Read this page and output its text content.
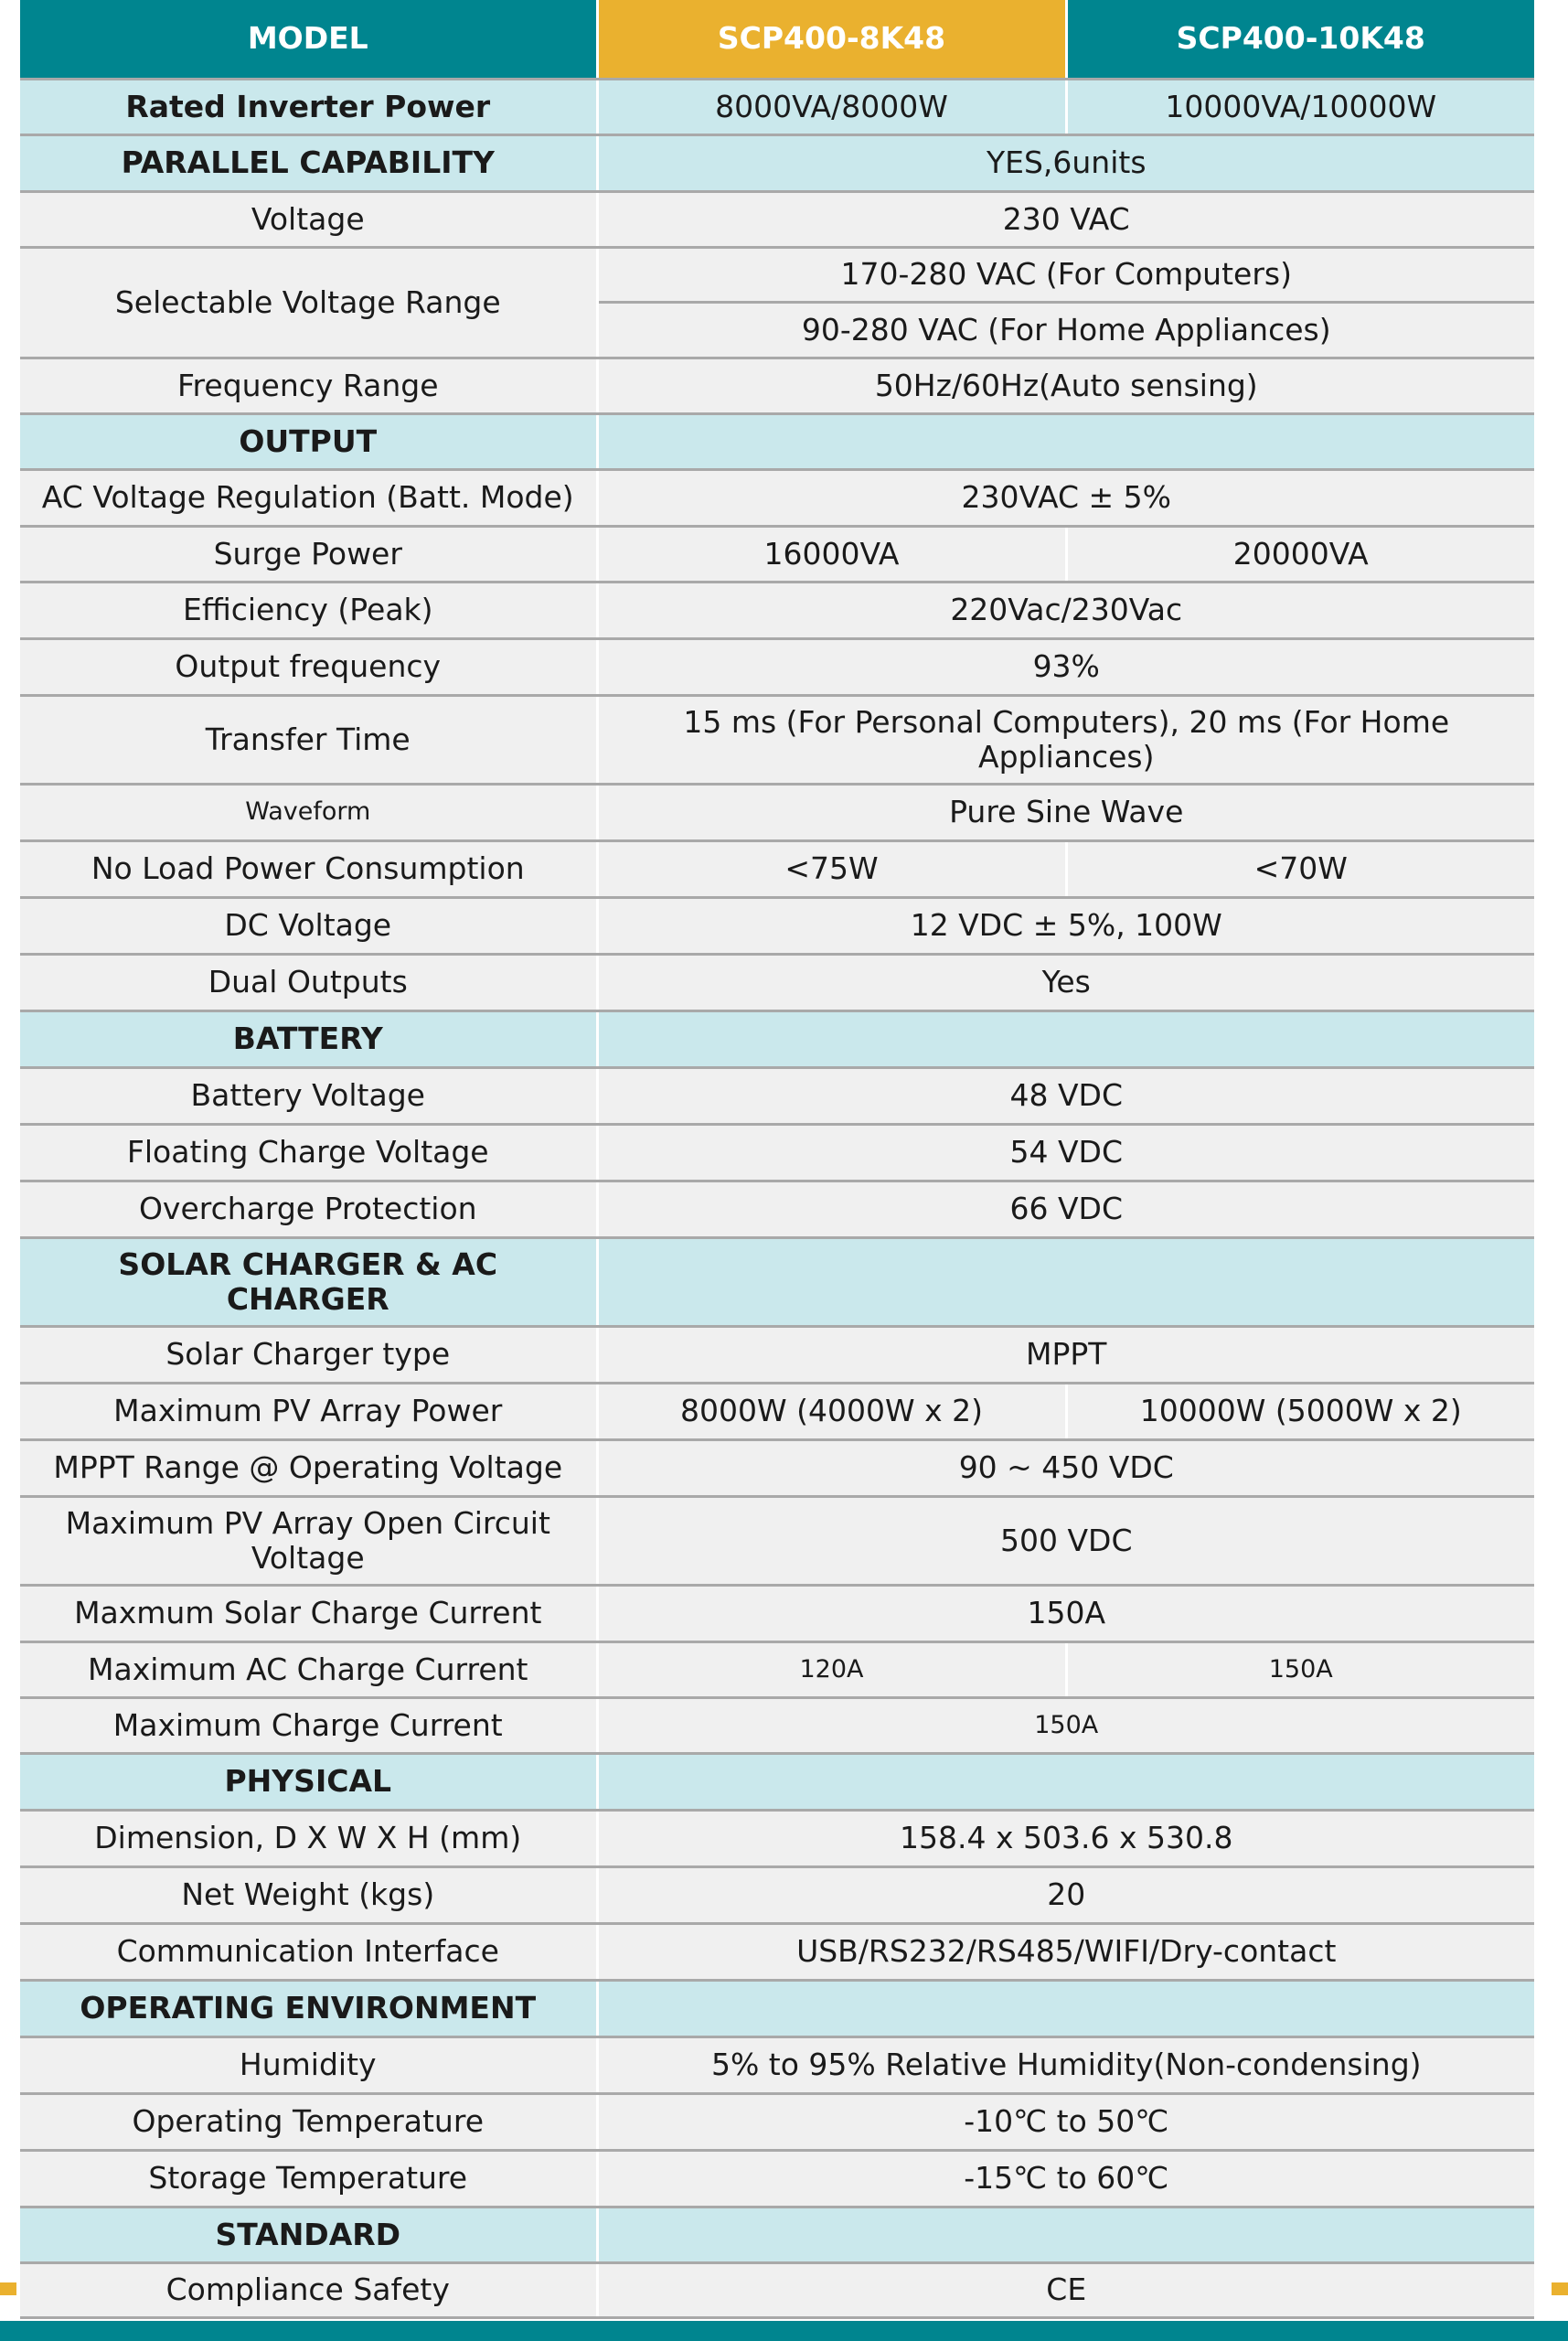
MODEL	SCP400-8K48	SCP400-10K48
Rated Inverter Power	8000VA/8000W	10000VA/10000W
PARALLEL CAPABILITY	YES,6units	
Voltage	230 VAC	
Selectable Voltage Range	170-280 VAC (For Computers)	
	90-280 VAC (For Home Appliances)	
Frequency Range	50Hz/60Hz(Auto sensing)	
OUTPUT		
AC Voltage Regulation (Batt. Mode)	230VAC ± 5%	
Surge Power	16000VA	20000VA
Efficiency (Peak)	220Vac/230Vac	
Output frequency	93%	
Transfer Time	15 ms (For Personal Computers), 20 ms (For Home Appliances)	
Waveform	Pure Sine Wave	
No Load Power Consumption	<75W	<70W
DC Voltage	12 VDC ± 5%, 100W	
Dual Outputs	Yes	
BATTERY		
Battery Voltage	48 VDC	
Floating Charge Voltage	54 VDC	
Overcharge Protection	66 VDC	
SOLAR CHARGER & AC CHARGER		
Solar Charger type	MPPT	
Maximum PV Array Power	8000W (4000W x 2)	10000W (5000W x 2)
MPPT Range @ Operating Voltage	90 ~ 450 VDC	
Maximum PV Array Open Circuit Voltage	500 VDC	
Maxmum Solar Charge Current	150A	
Maximum AC Charge Current	120A	150A
Maximum Charge Current	150A	
PHYSICAL		
Dimension, D X W X H (mm)	158.4 x 503.6 x 530.8	
Net Weight (kgs)	20	
Communication Interface	USB/RS232/RS485/WIFI/Dry-contact	
OPERATING ENVIRONMENT		
Humidity	5% to 95% Relative Humidity(Non-condensing)	
Operating Temperature	-10℃ to 50℃	
Storage Temperature	-15℃ to 60℃	
STANDARD		
Compliance Safety	CE	
